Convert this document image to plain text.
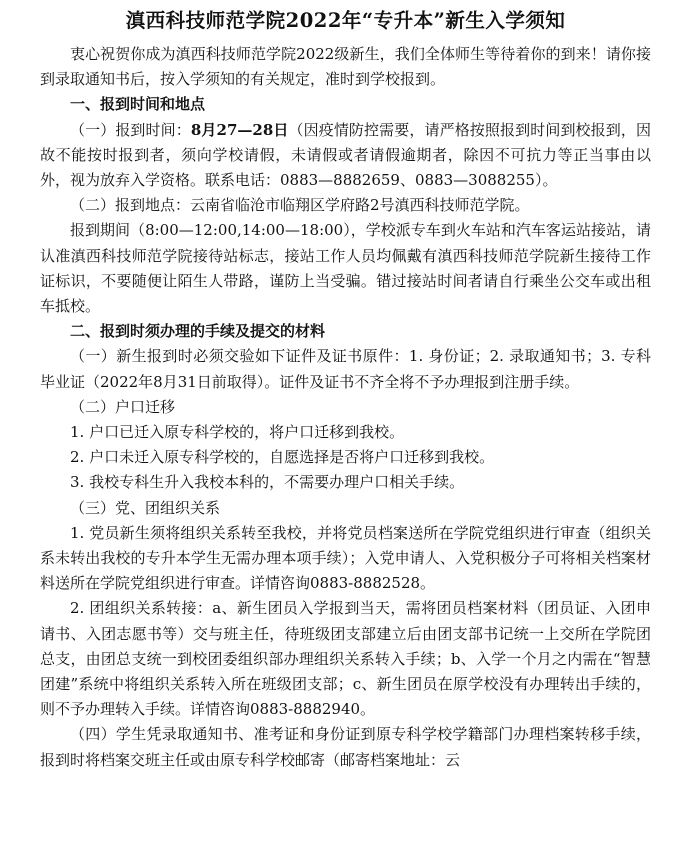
滇西科技师范学院2022年“专升本”新生入学须知

衷心祝贺你成为滇西科技师范学院2022级新生，我们全体师生等待着你的到来！请你接到录取通知书后，按入学须知的有关规定，准时到学校报到。

一、报到时间和地点

（一）报到时间：8月27—28日（因疫情防控需要，请严格按照报到时间到校报到，因故不能按时报到者，须向学校请假，未请假或者请假逾期者，除因不可抗力等正当事由以外，视为放弃入学资格。联系电话：0883—8882659、0883—3088255）。

（二）报到地点：云南省临沧市临翔区学府路2号滇西科技师范学院。

报到期间（8:00—12:00,14:00—18:00），学校派专车到火车站和汽车客运站接站，请认准滇西科技师范学院接待站标志，接站工作人员均佩戴有滇西科技师范学院新生接待工作证标识，不要随便让陌生人带路，谨防上当受骗。错过接站时间者请自行乘坐公交车或出租车抵校。

二、报到时须办理的手续及提交的材料

（一）新生报到时必须交验如下证件及证书原件：1. 身份证；2. 录取通知书；3. 专科毕业证（2022年8月31日前取得）。证件及证书不齐全将不予办理报到注册手续。

（二）户口迁移

1. 户口已迁入原专科学校的，将户口迁移到我校。

2. 户口未迁入原专科学校的，自愿选择是否将户口迁移到我校。

3. 我校专科生升入我校本科的，不需要办理户口相关手续。

（三）党、团组织关系

1. 党员新生须将组织关系转至我校，并将党员档案送所在学院党组织进行审查（组织关系未转出我校的专升本学生无需办理本项手续）；入党申请人、入党积极分子可将相关档案材料送所在学院党组织进行审查。详情咨询0883-8882528。

2. 团组织关系转接：a、新生团员入学报到当天，需将团员档案材料（团员证、入团申请书、入团志愿书等）交与班主任，待班级团支部建立后由团支部书记统一上交所在学院团总支，由团总支统一到校团委组织部办理组织关系转入手续；b、入学一个月之内需在“智慧团建”系统中将组织关系转入所在班级团支部；c、新生团员在原学校没有办理转出手续的，则不予办理转入手续。详情咨询0883-8882940。

（四）学生凭录取通知书、准考证和身份证到原专科学校学籍部门办理档案转移手续，报到时将档案交班主任或由原专科学校邮寄（邮寄档案地址：云
